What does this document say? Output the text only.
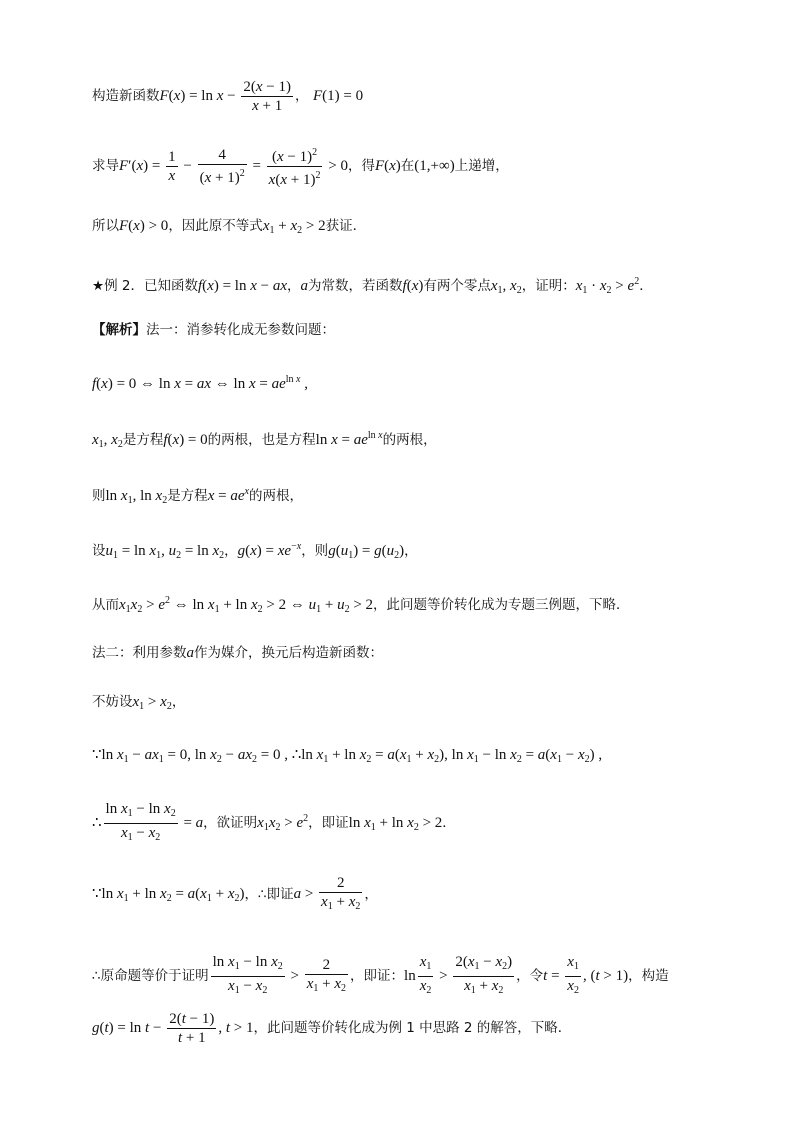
构造新函数$F(x) = \ln x - \frac{2(x - 1)}{x + 1}$ ， F(1) = 0
求导$F'(x) = \frac{1}{x} - \frac{4}{(x + 1)^2} = \frac{(x - 1)^2}{x(x + 1)^2} > 0$，得F(x)在(1,+∞)上递增，
所以F(x) > 0，因此原不等式$x_1 + x_2 > 2$获证．
★例 2．已知函数f(x) = ln x − ax，a为常数，若函数f(x)有两个零点$x_1$, $x_2$，证明：$x_1 \cdot x_2 > e^2$．
【解析】法一：消参转化成无参数问题：
f(x) = 0 ⇔ ln x = ax ⇔ $\ln x = ae^{ln x}$ ,
$x_1$, $x_2$是方程f(x) = 0的两根，也是方程$\ln x = ae^{ln x}$的两根，
则$\ln x_1$, $\ln x_2$是方程$x = ae^x$的两根，
设$u_1 = \ln x_1$, $u_2 = \ln x_2$，$g(x) = xe^{-x}$，则$g(u_1) = g(u_2)$，
从而$x_1x_2 > e^2$ ⇔ $\ln x_1 + \ln x_2 > 2$ ⇔ $u_1 + u_2 > 2$，此问题等价转化成为专题三例题，下略．
法二：利用参数a作为媒介，换元后构造新函数：
不妨设$x_1 > x_2$，
∵ln $x_1 - ax_1 = 0$, $\ln x_2 - ax_2 = 0$ , ∴ln $x_1 + \ln x_2 = a(x_1 + x_2)$, $\ln x_1 - \ln x_2 = a(x_1 - x_2)$ ,
∴ $\frac{\ln x_1 - \ln x_2}{x_1 - x_2} = a$，欲证明$x_1x_2 > e^2$，即证$\ln x_1 + \ln x_2 > 2$．
∵ln $x_1 + \ln x_2 = a(x_1 + x_2)$，∴即证$a > \frac{2}{x_1 + x_2}$ ，
∴原命题等价于证明 $\frac{\ln x_1 - \ln x_2}{x_1 - x_2} > \frac{2}{x_1 + x_2}$ ，即证：$\ln \frac{x_1}{x_2} > \frac{2(x_1 - x_2)}{x_1 + x_2}$ ，令$t = \frac{x_1}{x_2}$ , (t > 1)，构造
$g(t) = \ln t - \frac{2(t - 1)}{t + 1}$ , t > 1，此问题等价转化成为例 1 中思路 2 的解答，下略．
